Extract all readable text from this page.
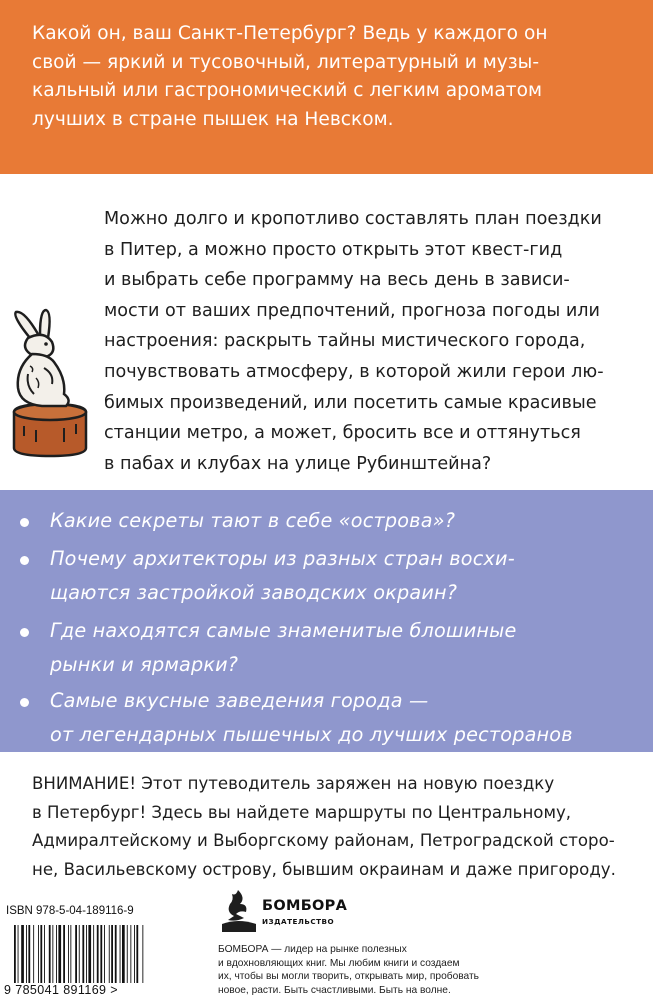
Какой он, ваш Санкт-Петербург? Ведь у каждого он
свой — яркий и тусовочный, литературный и музы-
кальный или гастрономический с легким ароматом
лучших в стране пышек на Невском.
Можно долго и кропотливо составлять план поездки
в Питер, а можно просто открыть этот квест-гид
и выбрать себе программу на весь день в зависи-
мости от ваших предпочтений, прогноза погоды или
настроения: раскрыть тайны мистического города,
почувствовать атмосферу, в которой жили герои лю-
бимых произведений, или посетить самые красивые
станции метро, а может, бросить все и оттянуться
в пабах и клубах на улице Рубинштейна?
Какие секреты тают в себе «острова»?
Почему архитекторы из разных стран восхи-
щаются застройкой заводских окраин?
Где находятся самые знаменитые блошиные
рынки и ярмарки?
Самые вкусные заведения города —
от легендарных пышечных до лучших ресторанов
ВНИМАНИЕ! Этот путеводитель заряжен на новую поездку
в Петербург! Здесь вы найдете маршруты по Центральному,
Адмиралтейскому и Выборгскому районам, Петроградской сторо-
не, Васильевскому острову, бывшим окраинам и даже пригороду.
ISBN 978-5-04-189116-9
9 785041 891169 >
БОМБОРА
ИЗДАТЕЛЬСТВО
БОМБОРА — лидер на рынке полезных
и вдохновляющих книг. Мы любим книги и создаем
их, чтобы вы могли творить, открывать мир, пробовать
новое, расти. Быть счастливыми. Быть на волне.
